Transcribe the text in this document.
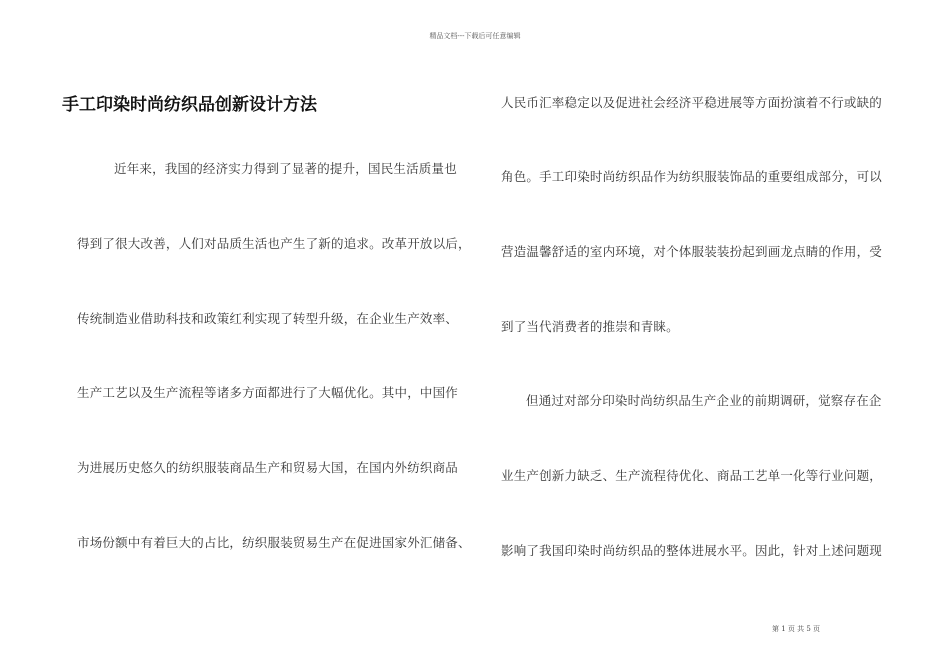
精品文档---下载后可任意编辑
手工印染时尚纺织品创新设计方法
近年来，我国的经济实力得到了显著的提升，国民生活质量也
得到了很大改善，人们对品质生活也产生了新的追求。改革开放以后，
传统制造业借助科技和政策红利实现了转型升级，在企业生产效率、
生产工艺以及生产流程等诸多方面都进行了大幅优化。其中，中国作
为进展历史悠久的纺织服装商品生产和贸易大国，在国内外纺织商品
市场份额中有着巨大的占比，纺织服装贸易生产在促进国家外汇储备、
人民币汇率稳定以及促进社会经济平稳进展等方面扮演着不行或缺的
角色。手工印染时尚纺织品作为纺织服装饰品的重要组成部分，可以
营造温馨舒适的室内环境，对个体服装装扮起到画龙点睛的作用，受
到了当代消费者的推崇和青睐。
但通过对部分印染时尚纺织品生产企业的前期调研，觉察存在企
业生产创新力缺乏、生产流程待优化、商品工艺单一化等行业问题，
影响了我国印染时尚纺织品的整体进展水平。因此，针对上述问题现
第 1 页 共 5 页
